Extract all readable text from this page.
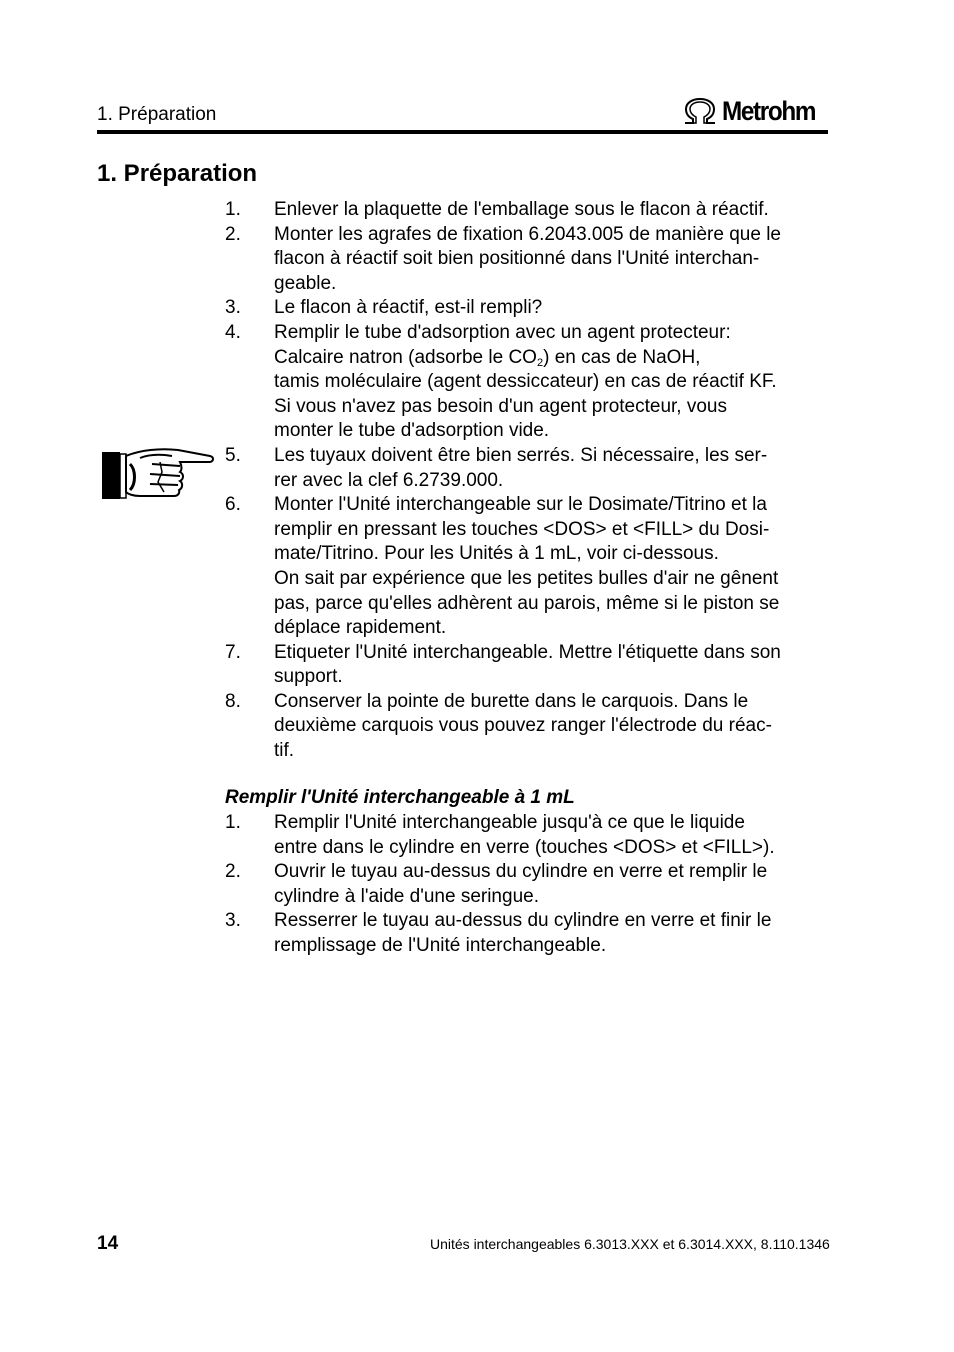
1. Préparation	Metrohm
1. Préparation
1. Enlever la plaquette de l'emballage sous le flacon à réactif.
2. Monter les agrafes de fixation 6.2043.005 de manière que le
flacon à réactif soit bien positionné dans l'Unité interchan-
geable.
3. Le flacon à réactif, est-il rempli?
4. Remplir le tube d'adsorption avec un agent protecteur:
Calcaire natron (adsorbe le $CO_2$) en cas de NaOH,
tamis moléculaire (agent dessiccateur) en cas de réactif KF.
Si vous n'avez pas besoin d'un agent protecteur, vous
monter le tube d'adsorption vide.
5. Les tuyaux doivent être bien serrés. Si nécessaire, les ser-
rer avec la clef 6.2739.000.
6. Monter l'Unité interchangeable sur le Dosimate/Titrino et la
remplir en pressant les touches <DOS> et <FILL> du Dosi-
mate/Titrino. Pour les Unités à 1 mL, voir ci-dessous.
On sait par expérience que les petites bulles d'air ne gênent
pas, parce qu'elles adhèrent au parois, même si le piston se
déplace rapidement.
7. Etiqueter l'Unité interchangeable. Mettre l'étiquette dans son
support.
8. Conserver la pointe de burette dans le carquois. Dans le
deuxième carquois vous pouvez ranger l'électrode du réac-
tif.
Remplir l'Unité interchangeable à 1 mL
1. Remplir l'Unité interchangeable jusqu'à ce que le liquide
entre dans le cylindre en verre (touches <DOS> et <FILL>).
2. Ouvrir le tuyau au-dessus du cylindre en verre et remplir le
cylindre à l'aide d'une seringue.
3. Resserrer le tuyau au-dessus du cylindre en verre et finir le
remplissage de l'Unité interchangeable.
14	Unités interchangeables 6.3013.XXX et 6.3014.XXX, 8.110.1346
